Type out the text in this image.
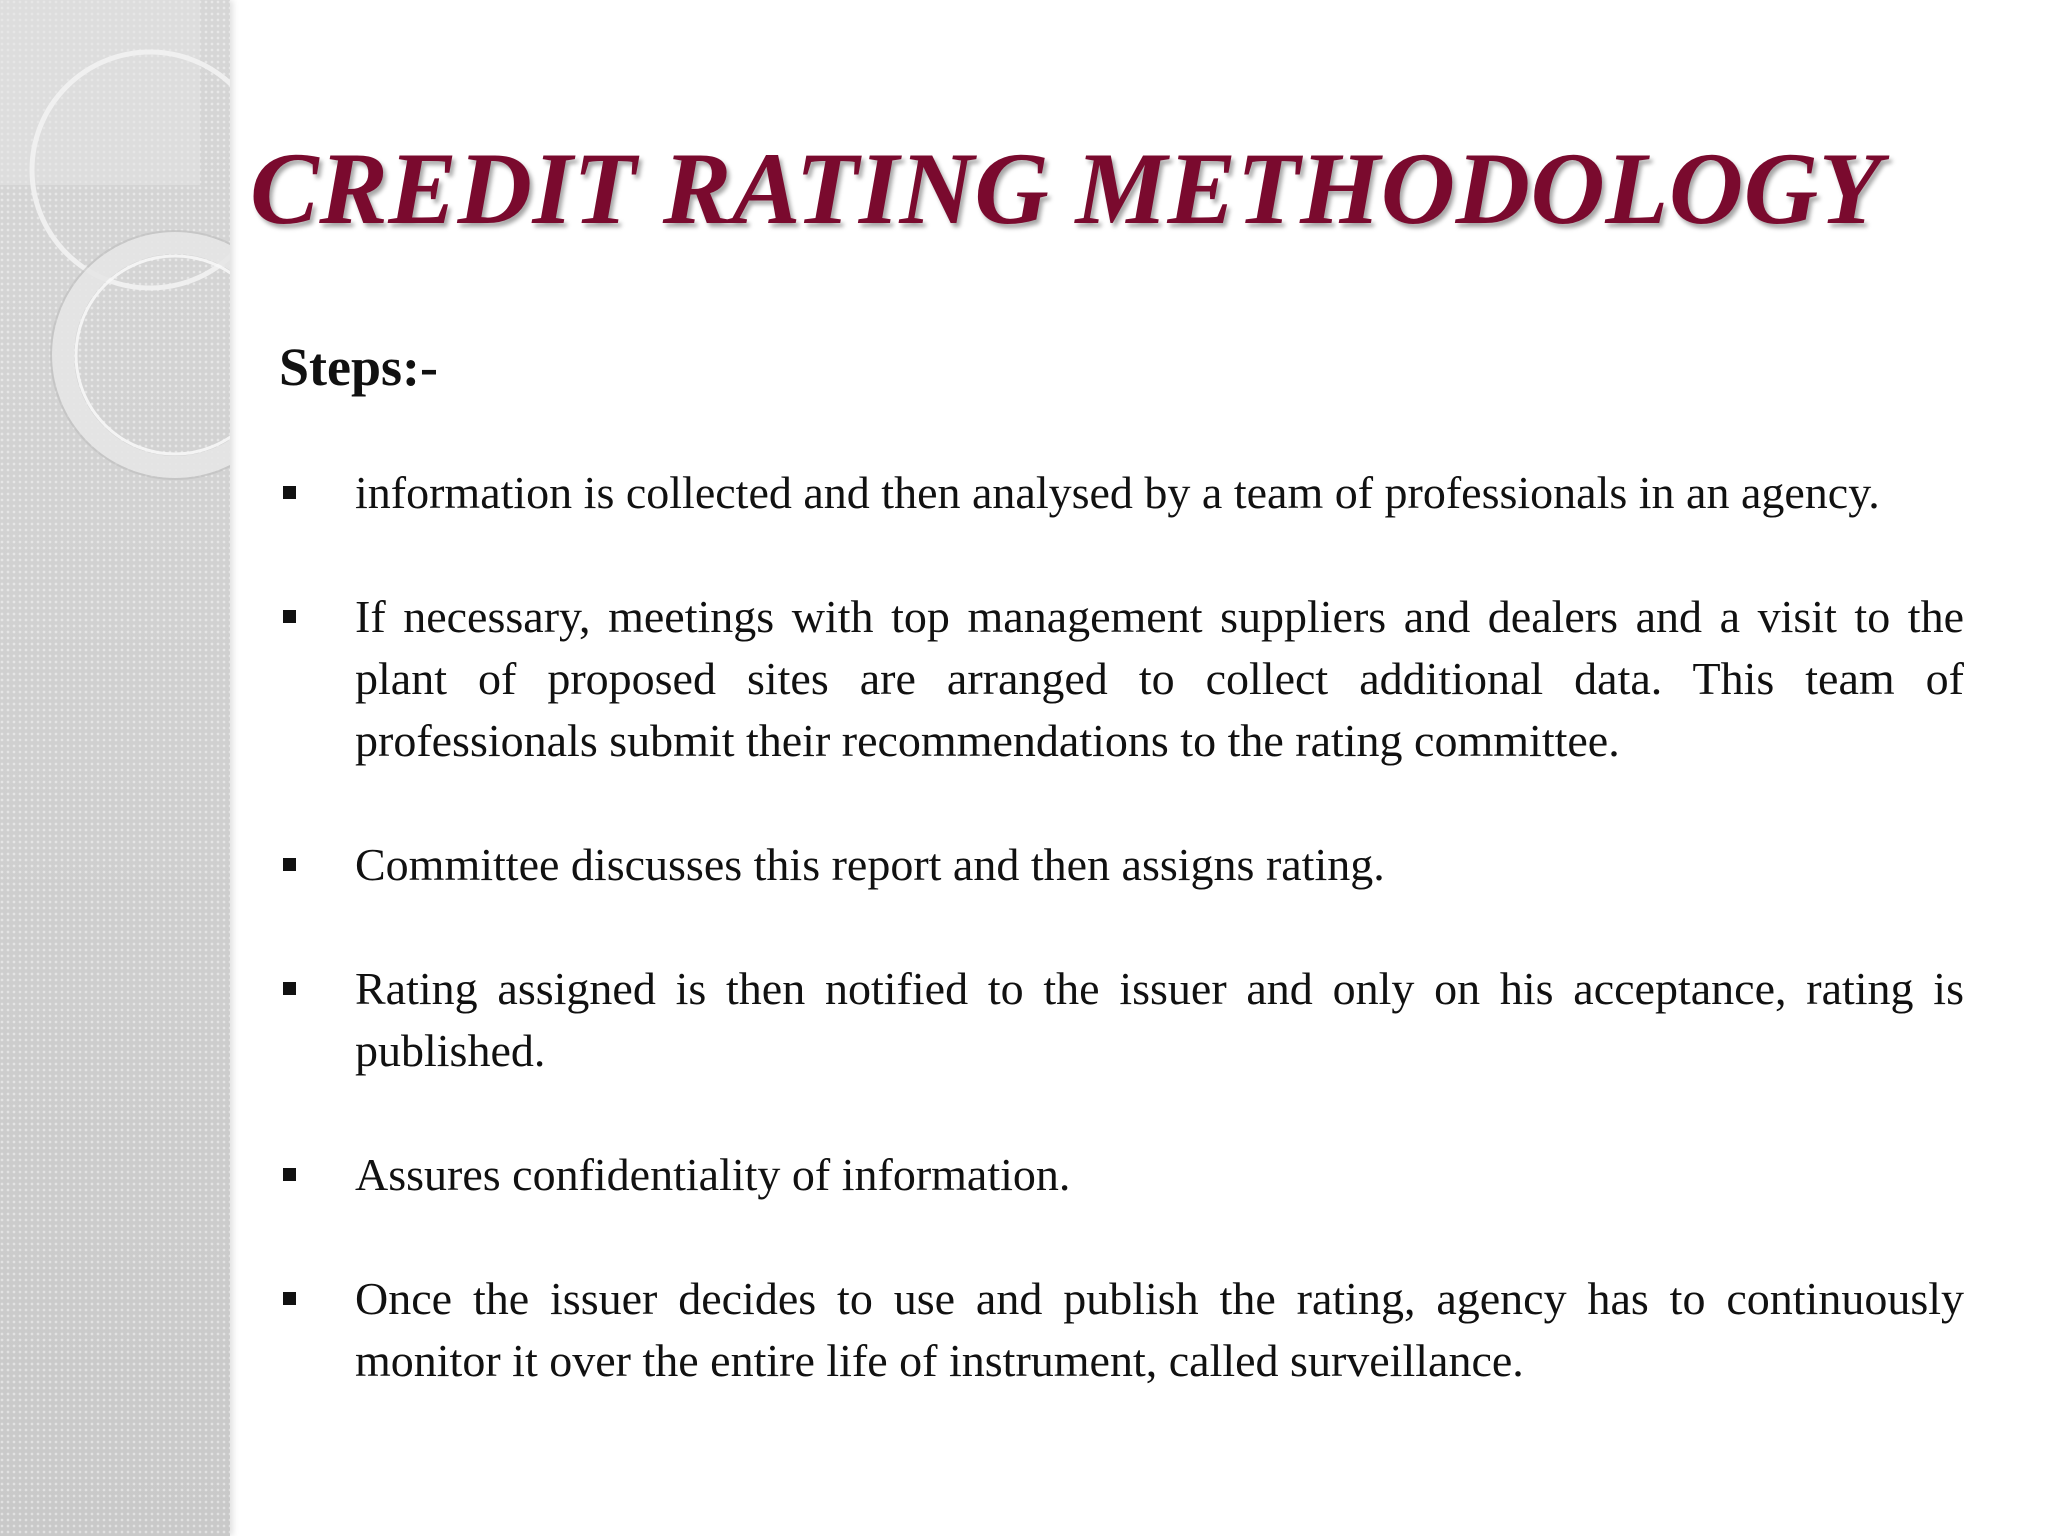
CREDIT RATING METHODOLOGY
Steps:-
information is collected and then analysed by a team of professionals in an agency.
If necessary, meetings with top management suppliers and dealers and a visit to the plant of proposed sites are arranged to collect additional data. This team of professionals submit their recommendations to the rating committee.
Committee discusses this report and then assigns rating.
Rating assigned is then notified to the issuer and only on his acceptance, rating is published.
Assures confidentiality of information.
Once the issuer decides to use and publish the rating, agency has to continuously monitor it over the entire life of instrument, called surveillance.
